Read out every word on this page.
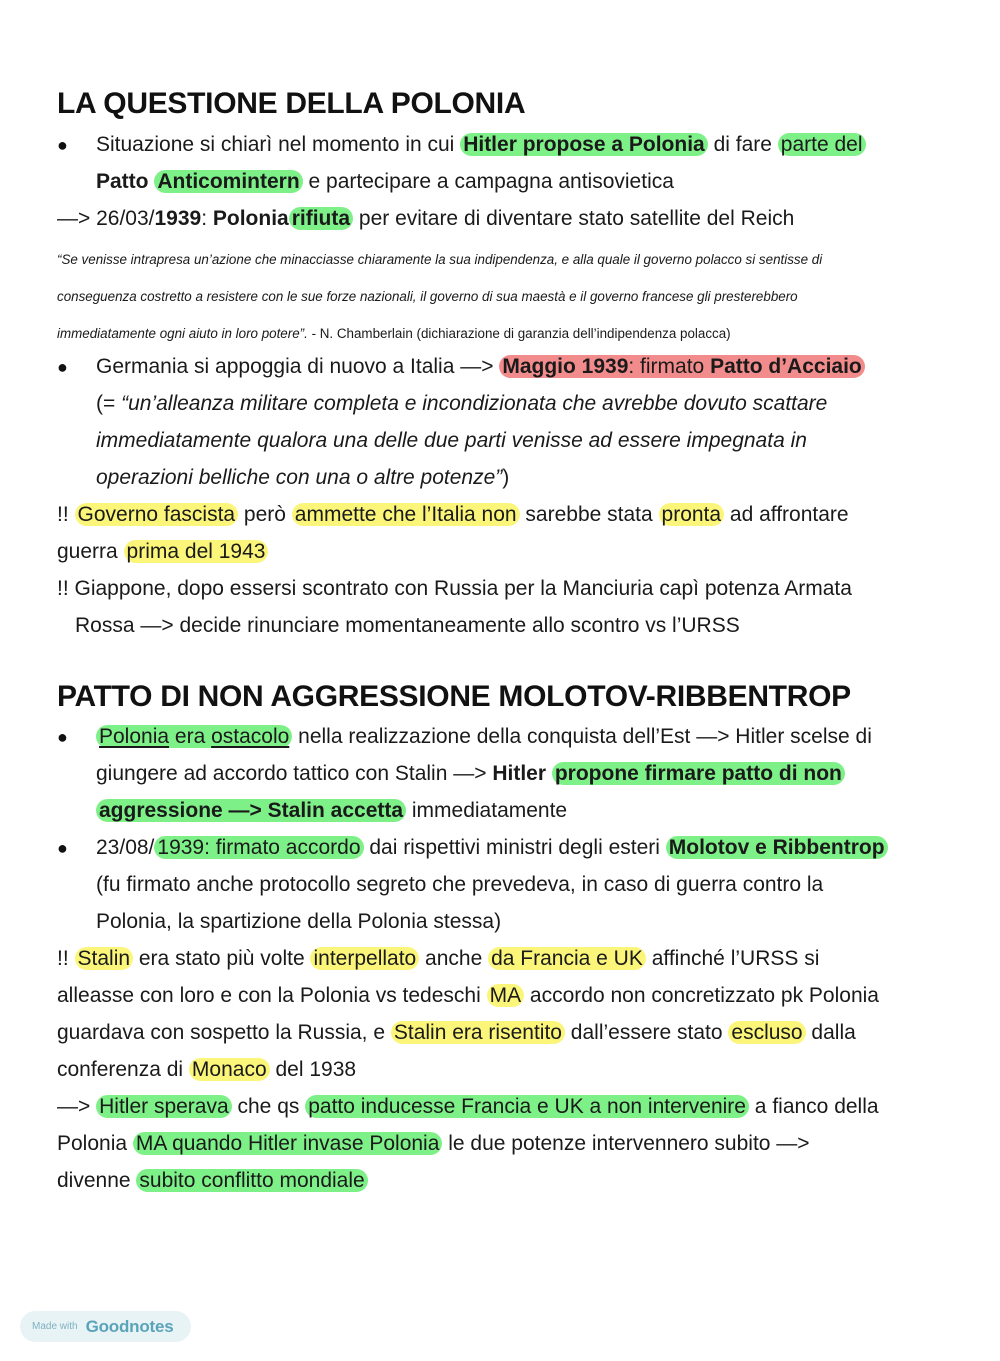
LA QUESTIONE DELLA POLONIA
● Situazione si chiarì nel momento in cui Hitler propose a Polonia di fare parte del
Patto Anticomintern e partecipare a campagna antisovietica
—> 26/03/1939: Polonia rifiuta per evitare di diventare stato satellite del Reich
“Se venisse intrapresa un’azione che minacciasse chiaramente la sua indipendenza, e alla quale il governo polacco si sentisse di
conseguenza costretto a resistere con le sue forze nazionali, il governo di sua maestà e il governo francese gli presterebbero
immediatamente ogni aiuto in loro potere”. - N. Chamberlain (dichiarazione di garanzia dell’indipendenza polacca)
● Germania si appoggia di nuovo a Italia —> Maggio 1939: firmato Patto d’Acciaio
(= “un’alleanza militare completa e incondizionata che avrebbe dovuto scattare
immediatamente qualora una delle due parti venisse ad essere impegnata in
operazioni belliche con una o altre potenze”)
!! Governo fascista però ammette che l’Italia non sarebbe stata pronta ad affrontare
guerra prima del 1943
!! Giappone, dopo essersi scontrato con Russia per la Manciuria capì potenza Armata
Rossa —> decide rinunciare momentaneamente allo scontro vs l’URSS
PATTO DI NON AGGRESSIONE MOLOTOV-RIBBENTROP
● Polonia era ostacolo nella realizzazione della conquista dell’Est —> Hitler scelse di
giungere ad accordo tattico con Stalin —> Hitler propone firmare patto di non
aggressione —> Stalin accetta immediatamente
● 23/08/ 1939: firmato accordo dai rispettivi ministri degli esteri Molotov e Ribbentrop
(fu firmato anche protocollo segreto che prevedeva, in caso di guerra contro la
Polonia, la spartizione della Polonia stessa)
!! Stalin era stato più volte interpellato anche da Francia e UK affinché l’URSS si
alleasse con loro e con la Polonia vs tedeschi MA accordo non concretizzato pk Polonia
guardava con sospetto la Russia, e Stalin era risentito dall’essere stato escluso dalla
conferenza di Monaco del 1938
—> Hitler sperava che qs patto inducesse Francia e UK a non intervenire a fianco della
Polonia MA quando Hitler invase Polonia le due potenze intervennero subito —>
divenne subito conflitto mondiale
Made with Goodnotes
